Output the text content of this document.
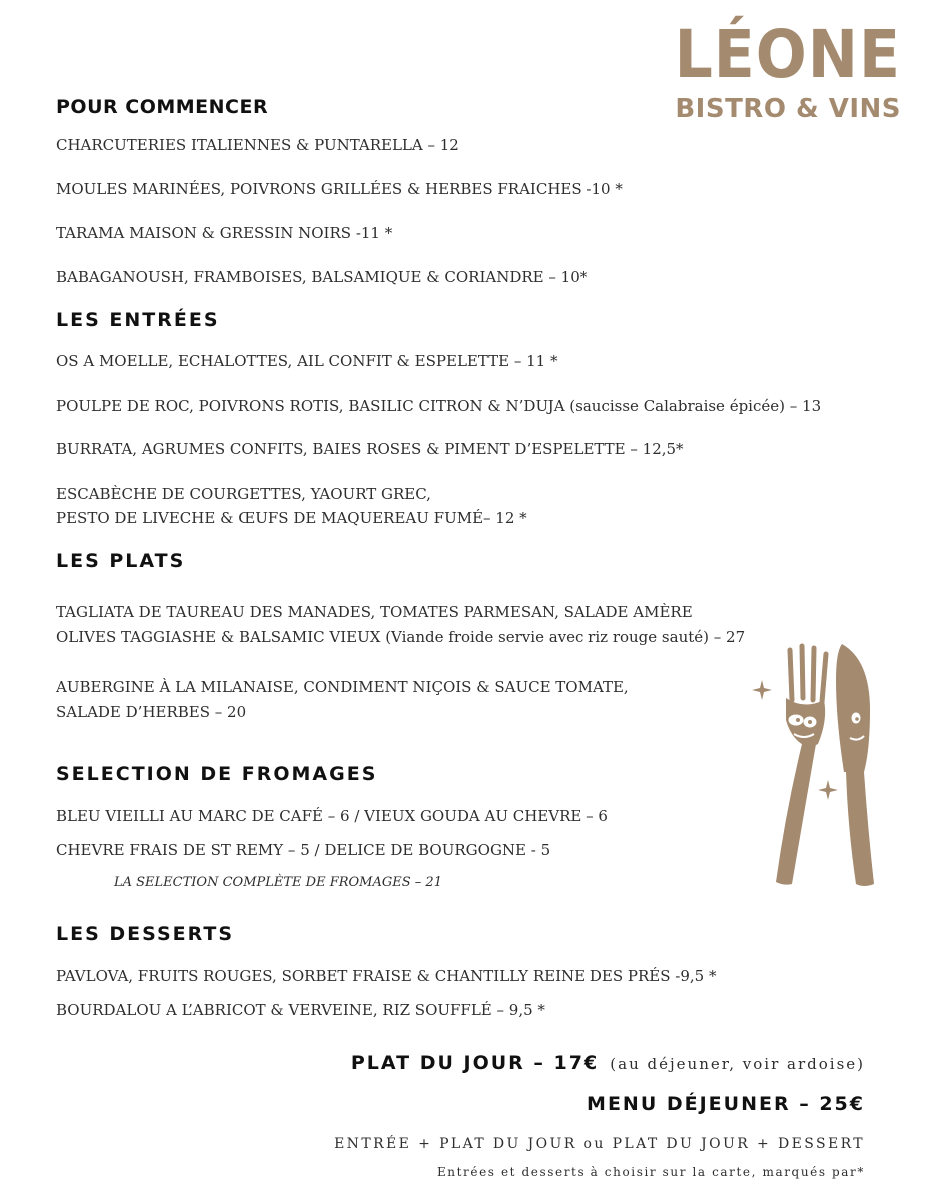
LÉONE
BISTRO & VINS
POUR COMMENCER
CHARCUTERIES ITALIENNES & PUNTARELLA – 12
MOULES MARINÉES, POIVRONS GRILLÉES & HERBES FRAICHES -10 *
TARAMA MAISON & GRESSIN NOIRS -11 *
BABAGANOUSH, FRAMBOISES, BALSAMIQUE & CORIANDRE – 10*
LES ENTRÉES
OS A MOELLE, ECHALOTTES, AIL CONFIT & ESPELETTE – 11 *
POULPE DE ROC, POIVRONS ROTIS, BASILIC CITRON & N’DUJA (saucisse Calabraise épicée) – 13
BURRATA, AGRUMES CONFITS, BAIES ROSES & PIMENT D’ESPELETTE – 12,5*
ESCABÈCHE DE COURGETTES, YAOURT GREC,
PESTO DE LIVECHE & ŒUFS DE MAQUEREAU FUMÉ– 12 *
LES PLATS
TAGLIATA DE TAUREAU DES MANADES, TOMATES PARMESAN, SALADE AMÈRE
OLIVES TAGGIASHE & BALSAMIC VIEUX (Viande froide servie avec riz rouge sauté) – 27
AUBERGINE À LA MILANAISE, CONDIMENT NIÇOIS & SAUCE TOMATE,
SALADE D’HERBES – 20
SELECTION DE FROMAGES
BLEU VIEILLI AU MARC DE CAFÉ – 6 / VIEUX GOUDA AU CHEVRE – 6
CHEVRE FRAIS DE ST REMY – 5 / DELICE DE BOURGOGNE - 5
LA SELECTION COMPLÈTE DE FROMAGES – 21
LES DESSERTS
PAVLOVA, FRUITS ROUGES, SORBET FRAISE & CHANTILLY REINE DES PRÉS -9,5 *
BOURDALOU A L’ABRICOT & VERVEINE, RIZ SOUFFLÉ – 9,5 *
PLAT DU JOUR – 17€ (au déjeuner, voir ardoise)
MENU DÉJEUNER – 25€
ENTRÉE + PLAT DU JOUR ou PLAT DU JOUR + DESSERT
Entrées et desserts à choisir sur la carte, marqués par*
